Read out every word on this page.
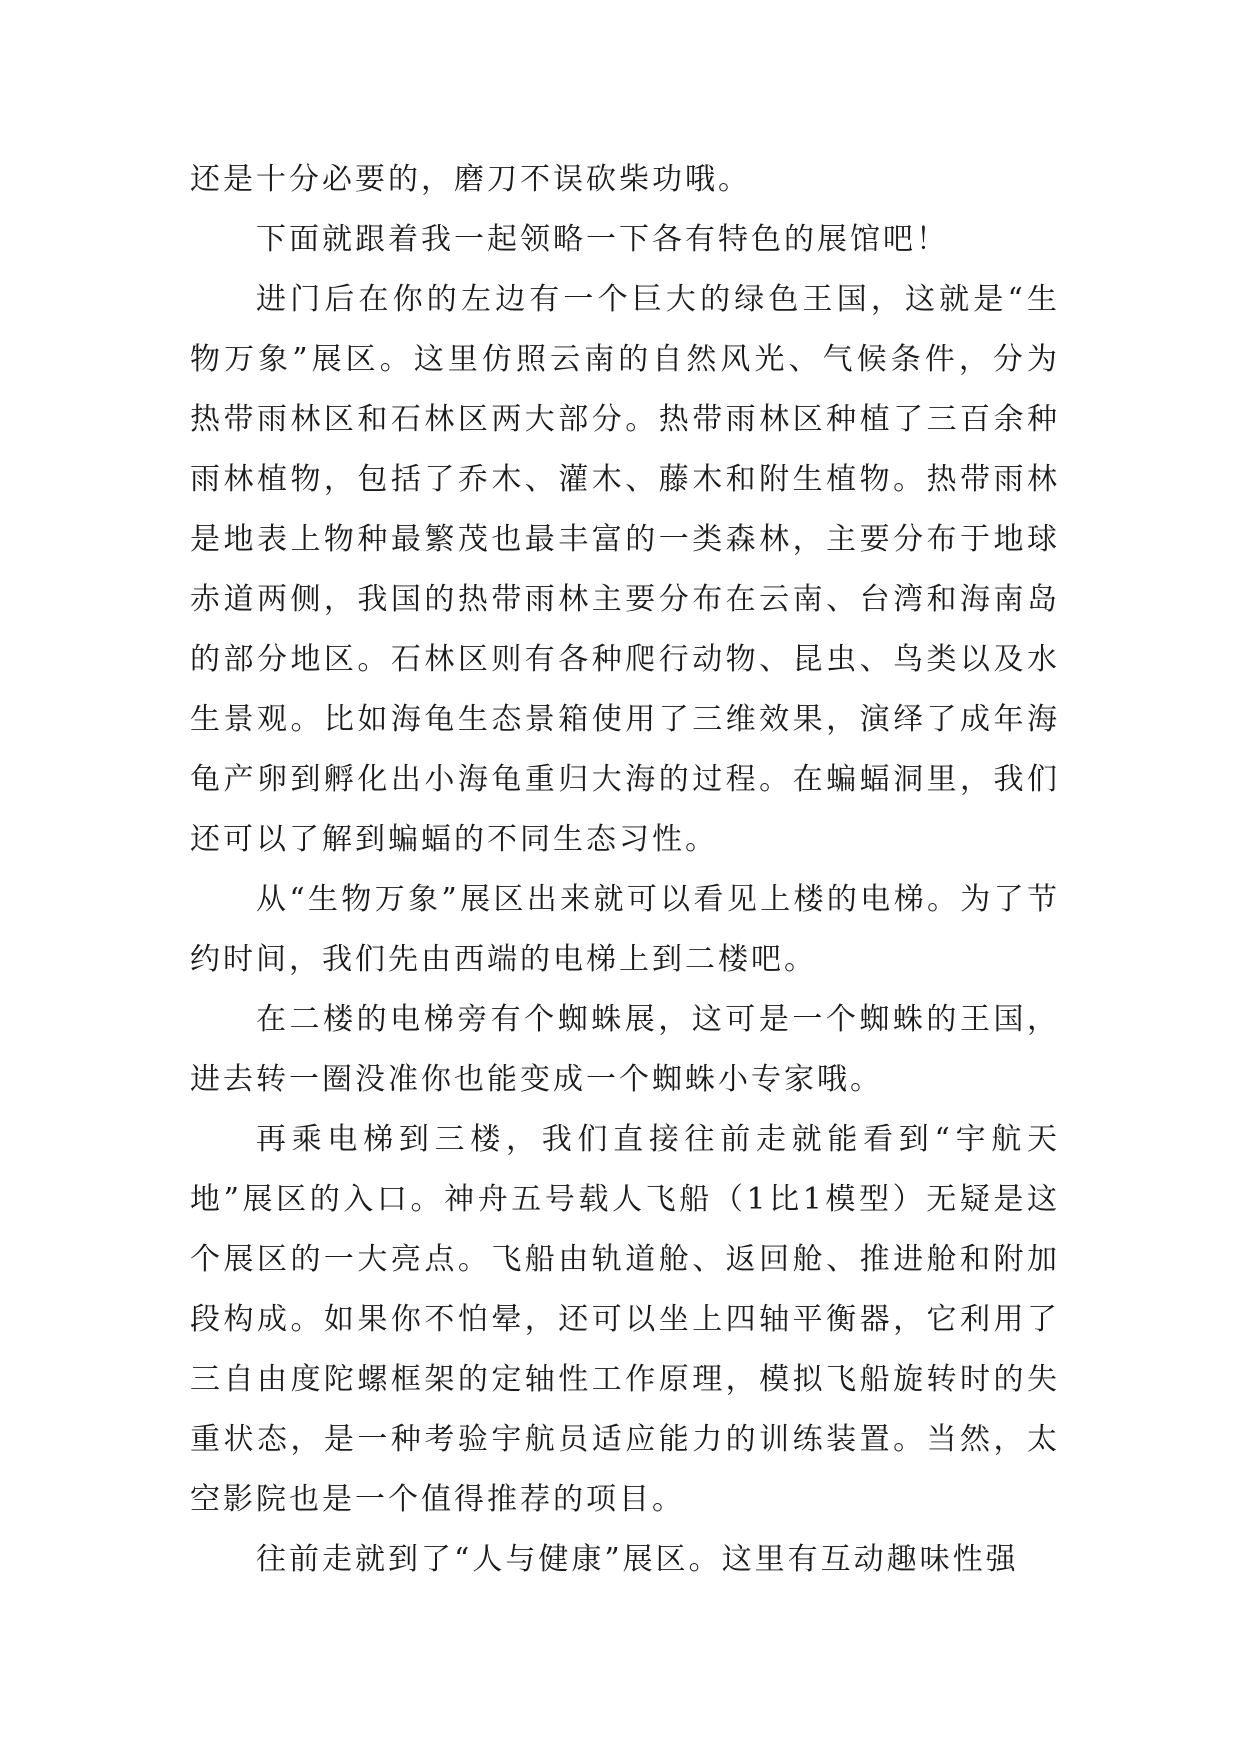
还是十分必要的，磨刀不误砍柴功哦。

下面就跟着我一起领略一下各有特色的展馆吧！

进门后在你的左边有一个巨大的绿色王国，这就是“生物万象”展区。这里仿照云南的自然风光、气候条件，分为热带雨林区和石林区两大部分。热带雨林区种植了三百余种雨林植物，包括了乔木、灌木、藤木和附生植物。热带雨林是地表上物种最繁茂也最丰富的一类森林，主要分布于地球赤道两侧，我国的热带雨林主要分布在云南、台湾和海南岛的部分地区。石林区则有各种爬行动物、昆虫、鸟类以及水生景观。比如海龟生态景箱使用了三维效果，演绎了成年海龟产卵到孵化出小海龟重归大海的过程。在蝙蝠洞里，我们还可以了解到蝙蝠的不同生态习性。

从“生物万象”展区出来就可以看见上楼的电梯。为了节约时间，我们先由西端的电梯上到二楼吧。

在二楼的电梯旁有个蜘蛛展，这可是一个蜘蛛的王国，进去转一圈没准你也能变成一个蜘蛛小专家哦。

再乘电梯到三楼，我们直接往前走就能看到“宇航天地”展区的入口。神舟五号载人飞船（1比1模型）无疑是这个展区的一大亮点。飞船由轨道舱、返回舱、推进舱和附加段构成。如果你不怕晕，还可以坐上四轴平衡器，它利用了三自由度陀螺框架的定轴性工作原理，模拟飞船旋转时的失重状态，是一种考验宇航员适应能力的训练装置。当然，太空影院也是一个值得推荐的项目。

往前走就到了“人与健康”展区。这里有互动趣味性强
